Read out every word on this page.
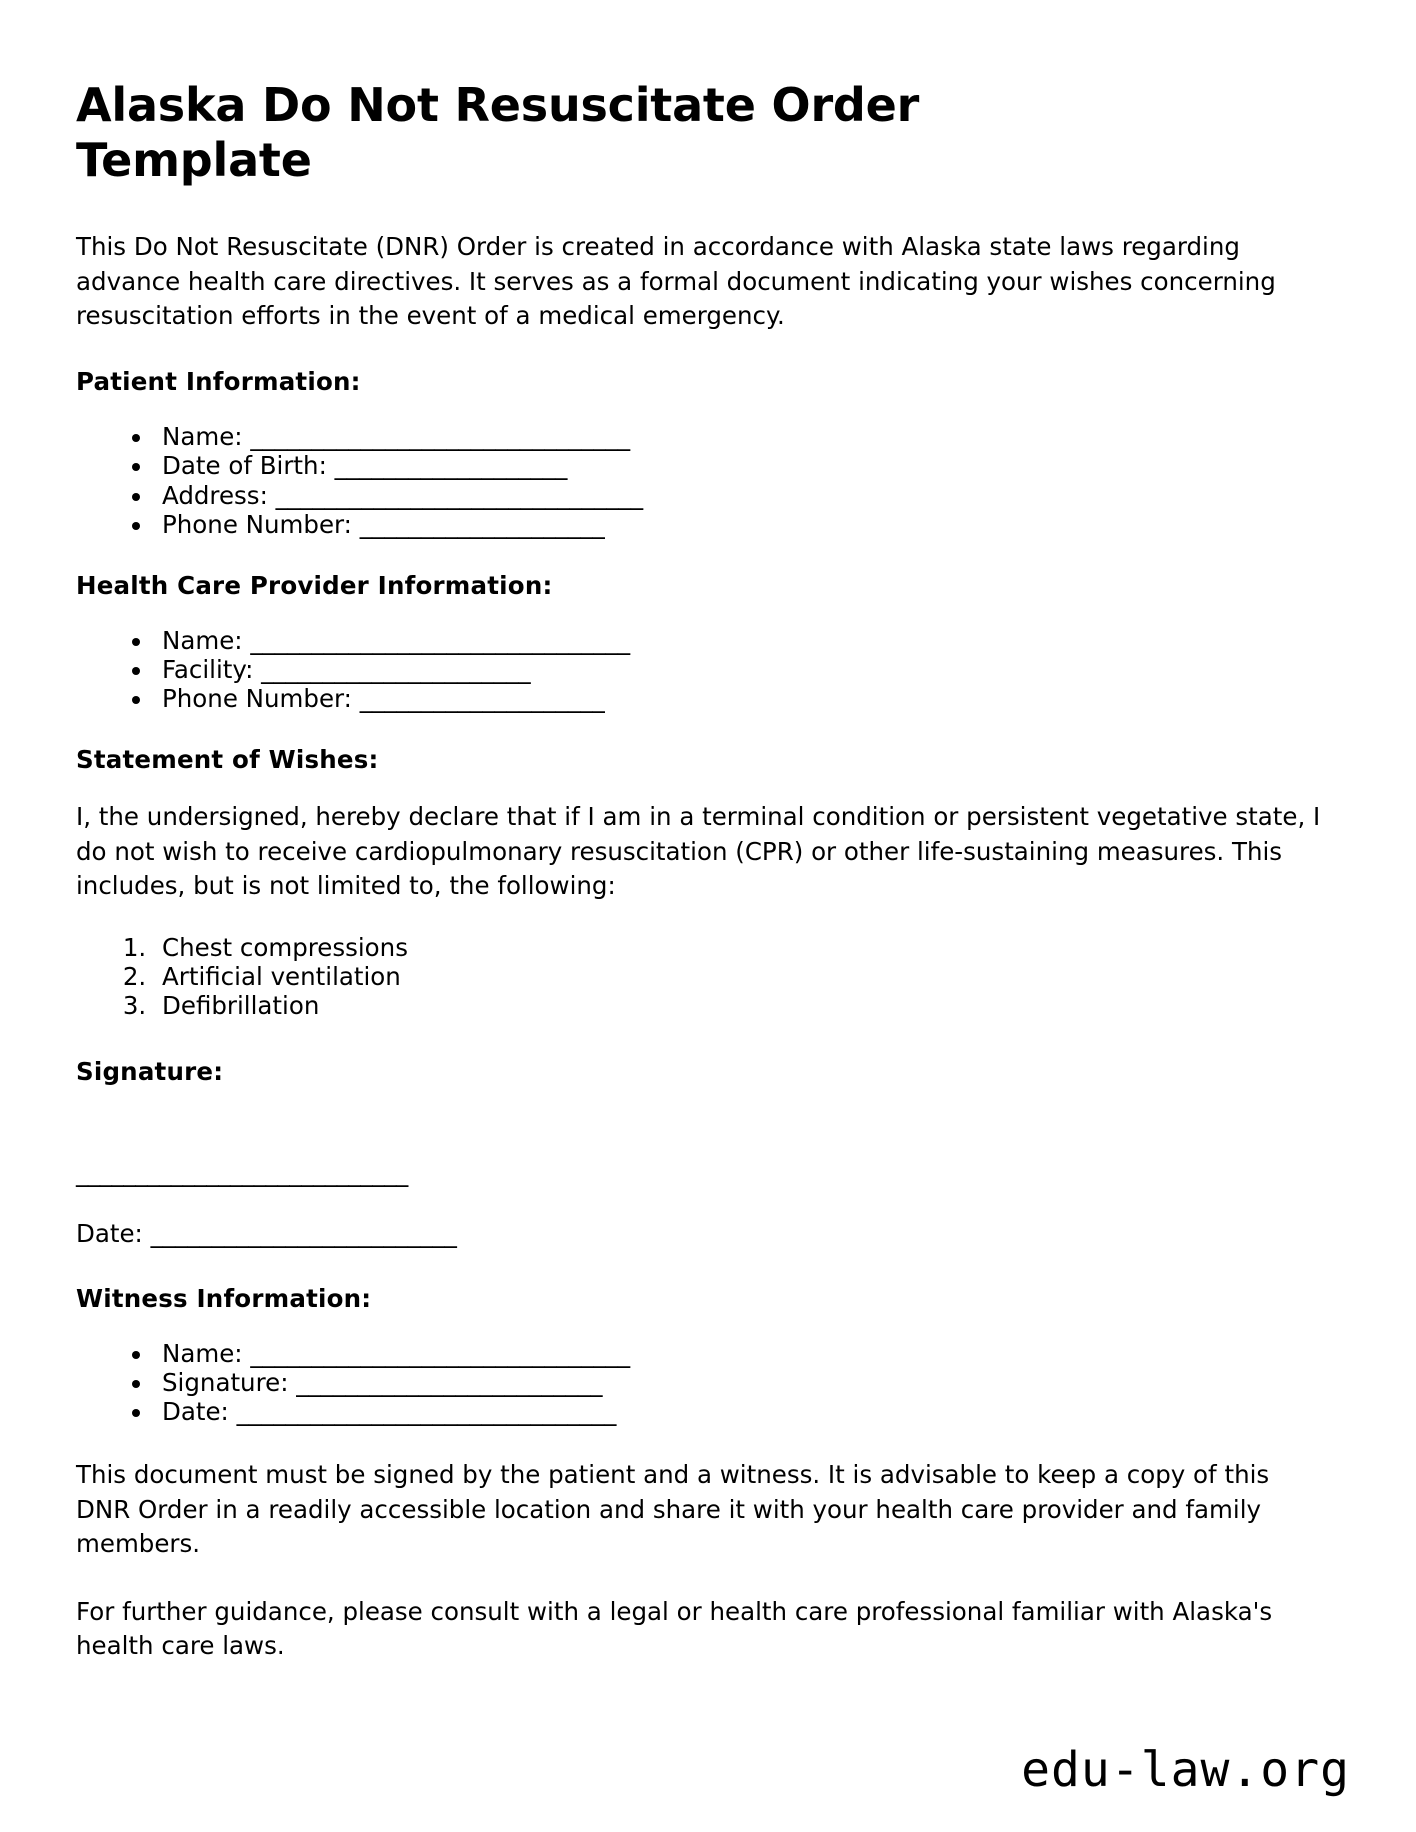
Alaska Do Not Resuscitate Order Template

This Do Not Resuscitate (DNR) Order is created in accordance with Alaska state laws regarding advance health care directives. It serves as a formal document indicating your wishes concerning resuscitation efforts in the event of a medical emergency.

Patient Information:
• Name: _______________________________
• Date of Birth: ___________________
• Address: ______________________________
• Phone Number: ____________________
Health Care Provider Information:
• Name: _______________________________
• Facility: ______________________
• Phone Number: ____________________
Statement of Wishes:

I, the undersigned, hereby declare that if I am in a terminal condition or persistent vegetative state, I do not wish to receive cardiopulmonary resuscitation (CPR) or other life-sustaining measures. This includes, but is not limited to, the following:

1. Chest compressions
2. Artificial ventilation
3. Defibrillation
Signature:
____________________________
Date: _________________________
Witness Information:
• Name: _______________________________
• Signature: _________________________
• Date: _______________________________

This document must be signed by the patient and a witness. It is advisable to keep a copy of this DNR Order in a readily accessible location and share it with your health care provider and family members.

For further guidance, please consult with a legal or health care professional familiar with Alaska's health care laws.

edu-law.org
